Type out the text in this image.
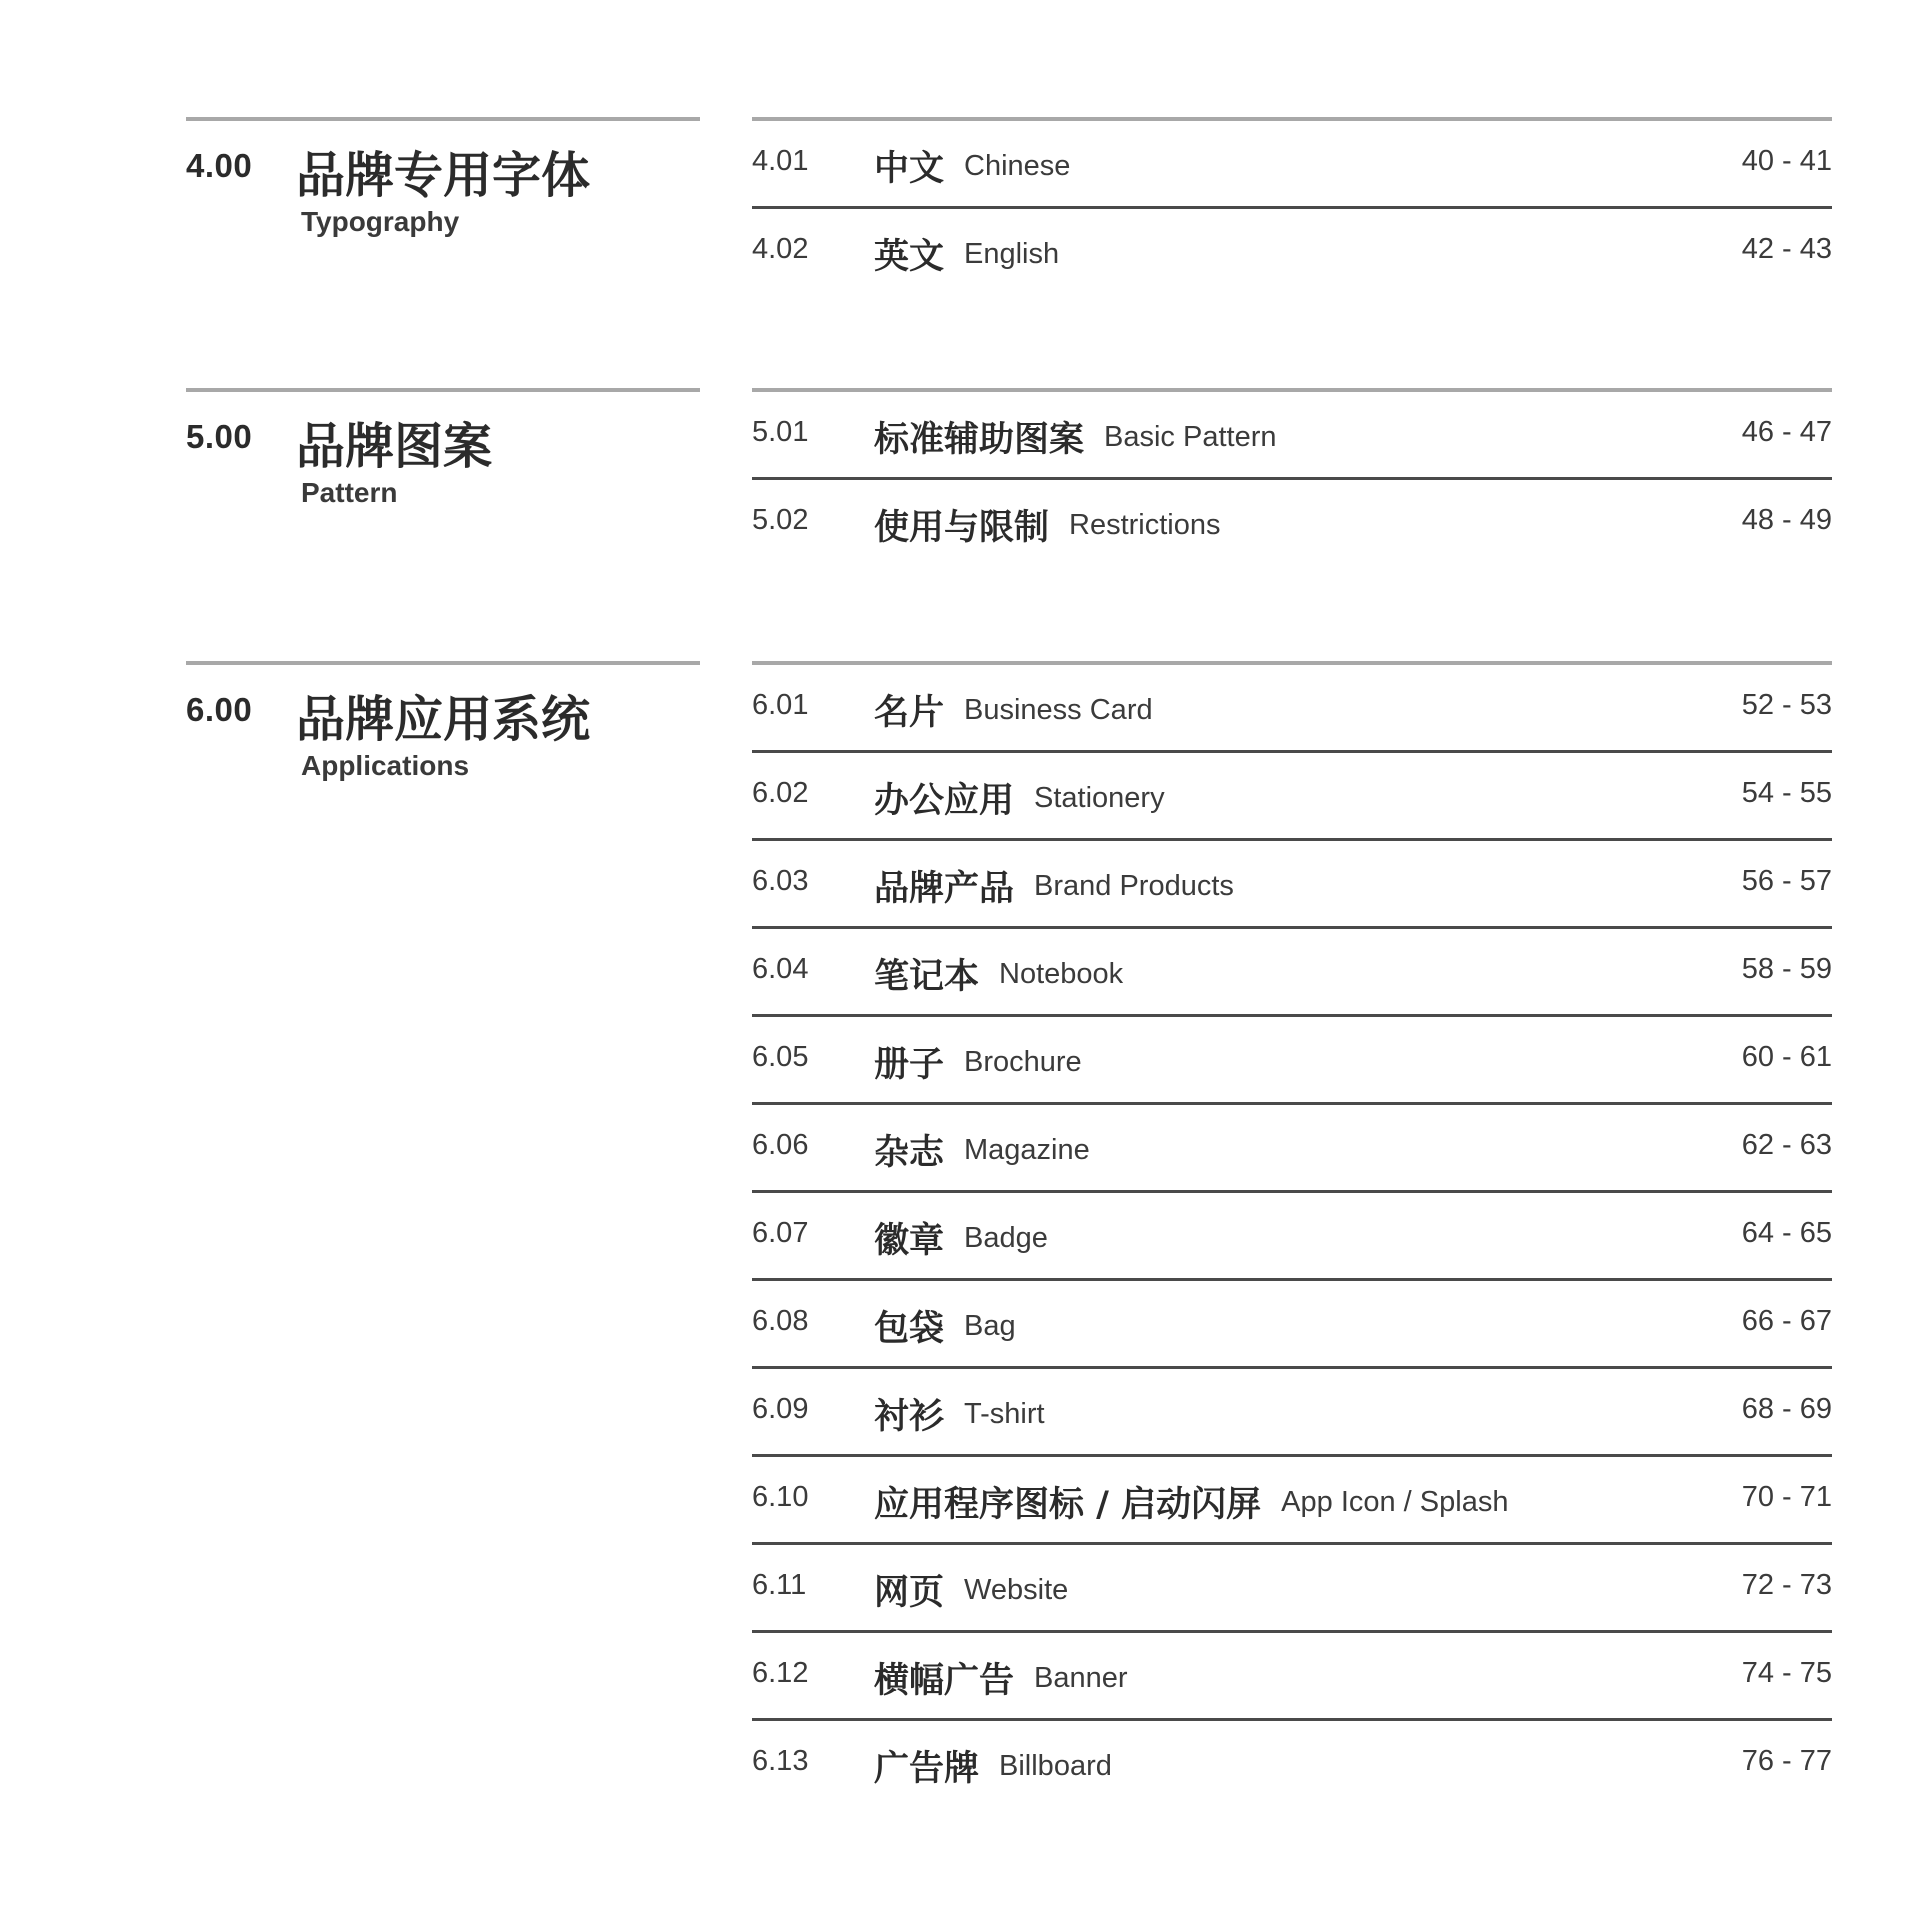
4.00 品牌专用字体
Typography
4.01 中文 Chinese	40 - 41
4.02 英文 English	42 - 43
5.00 品牌图案
Pattern
5.01 标准辅助图案 Basic Pattern	46 - 47
5.02 使用与限制 Restrictions	48 - 49
6.00 品牌应用系统
Applications
6.01 名片 Business Card	52 - 53
6.02 办公应用 Stationery	54 - 55
6.03 品牌产品 Brand Products	56 - 57
6.04 笔记本 Notebook	58 - 59
6.05 册子 Brochure	60 - 61
6.06 杂志 Magazine	62 - 63
6.07 徽章 Badge	64 - 65
6.08 包袋 Bag	66 - 67
6.09 衬衫 T-shirt	68 - 69
6.10 应用程序图标 / 启动闪屏 App Icon / Splash	70 - 71
6.11 网页 Website	72 - 73
6.12 横幅广告 Banner	74 - 75
6.13 广告牌 Billboard	76 - 77
